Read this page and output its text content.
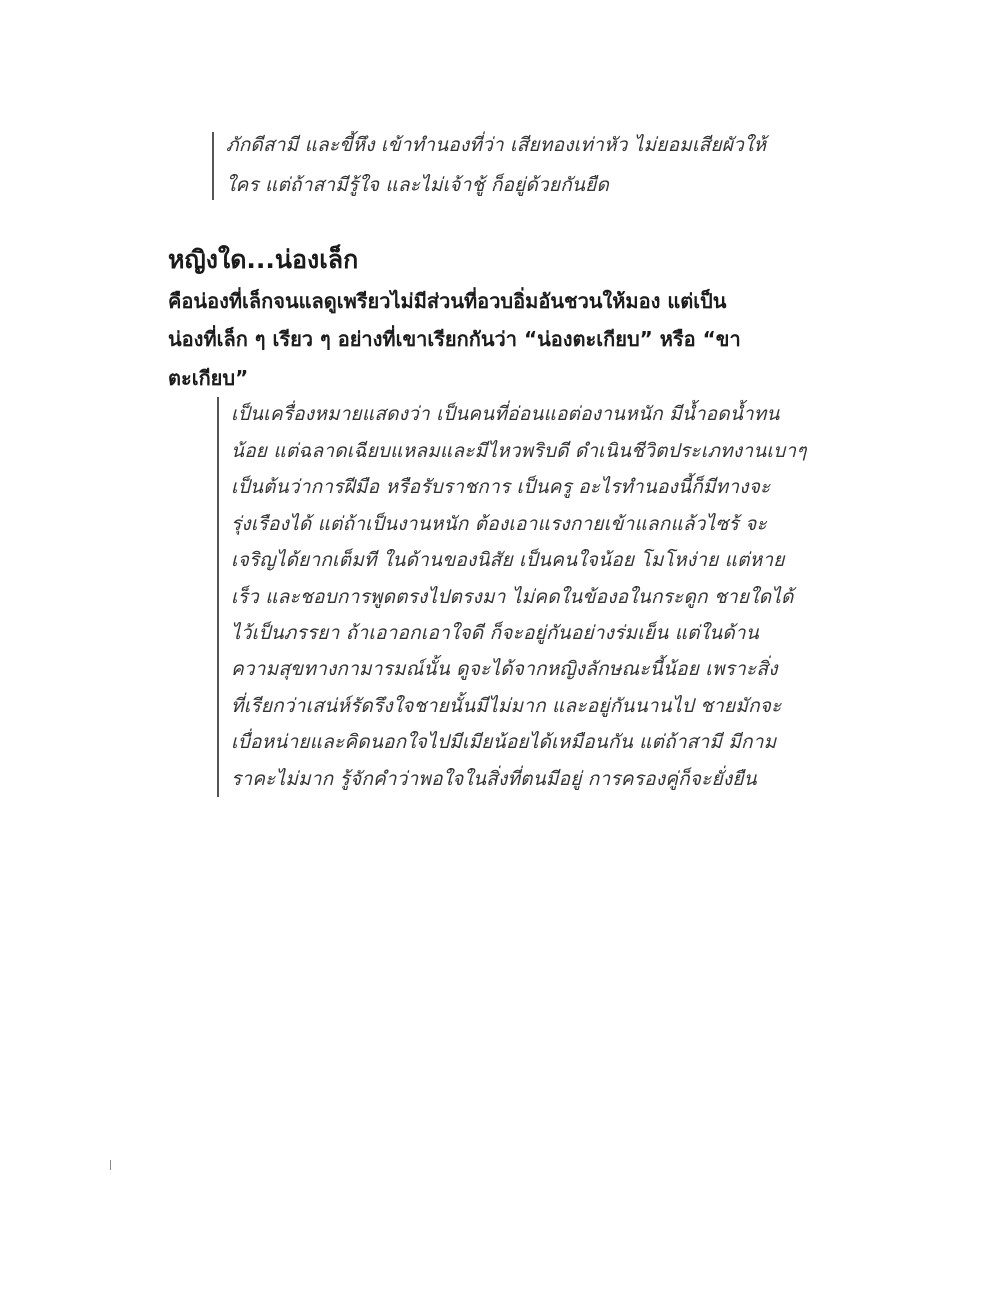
ภักดีสามี และขี้หึง เข้าทำนองที่ว่า เสียทองเท่าหัว ไม่ยอมเสียผัวให้
ใคร แต่ถ้าสามีรู้ใจ และไม่เจ้าชู้ ก็อยู่ด้วยกันยืด
หญิงใด...น่องเล็ก
คือน่องที่เล็กจนแลดูเพรียวไม่มีส่วนที่อวบอิ่มอันชวนให้มอง แต่เป็น
น่องที่เล็ก ๆ เรียว ๆ อย่างที่เขาเรียกกันว่า “น่องตะเกียบ” หรือ “ขา
ตะเกียบ”
เป็นเครื่องหมายแสดงว่า เป็นคนที่อ่อนแอต่องานหนัก มีน้ำอดน้ำทน
น้อย แต่ฉลาดเฉียบแหลมและมีไหวพริบดี ดำเนินชีวิตประเภทงานเบาๆ
เป็นต้นว่าการฝีมือ หรือรับราชการ เป็นครู อะไรทำนองนี้ก็มีทางจะ
รุ่งเรืองได้ แต่ถ้าเป็นงานหนัก ต้องเอาแรงกายเข้าแลกแล้วไซร้ จะ
เจริญได้ยากเต็มที ในด้านของนิสัย เป็นคนใจน้อย โมโหง่าย แต่หาย
เร็ว และชอบการพูดตรงไปตรงมา ไม่คดในข้องอในกระดูก ชายใดได้
ไว้เป็นภรรยา ถ้าเอาอกเอาใจดี ก็จะอยู่กันอย่างร่มเย็น แต่ในด้าน
ความสุขทางกามารมณ์นั้น ดูจะได้จากหญิงลักษณะนี้น้อย เพราะสิ่ง
ที่เรียกว่าเสน่ห์รัดรึงใจชายนั้นมีไม่มาก และอยู่กันนานไป ชายมักจะ
เบื่อหน่ายและคิดนอกใจไปมีเมียน้อยได้เหมือนกัน แต่ถ้าสามี มีกาม
ราคะไม่มาก รู้จักคำว่าพอใจในสิ่งที่ตนมีอยู่ การครองคู่ก็จะยั่งยืน
